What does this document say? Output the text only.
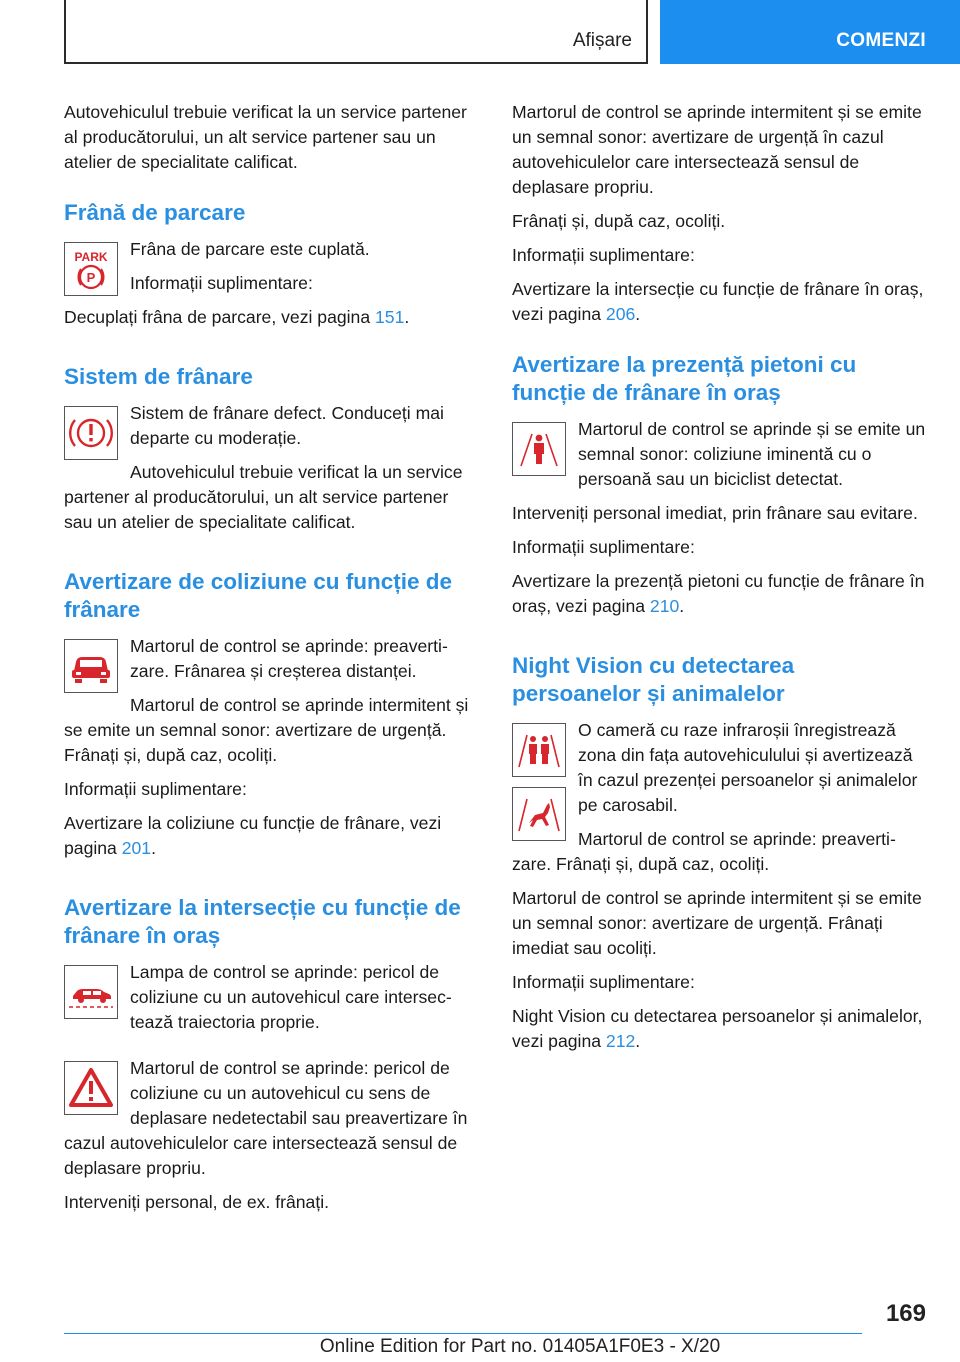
Afișare	COMENZI

Autovehiculul trebuie verificat la un service partener al producătorului, un alt service partener sau un atelier de specialitate calificat.

Frână de parcare
PARK
P

Frâna de parcare este cuplată.

Informații suplimentare:

Decuplați frâna de parcare, vezi pagina 151.

Sistem de frânare

Sistem de frânare defect. Conduceți mai departe cu moderație.

Autovehiculul trebuie verificat la un service partener al producătorului, un alt service partener sau un atelier de specialitate calificat.

Avertizare de coliziune cu funcție de frânare

Martorul de control se aprinde: preavertizare. Frânarea și creșterea distanței.

Martorul de control se aprinde intermitent și se emite un semnal sonor: avertizare de urgență. Frânați și, după caz, ocoliți.

Informații suplimentare:

Avertizare la coliziune cu funcție de frânare, vezi pagina 201.

Avertizare la intersecție cu funcție de frânare în oraș

Lampa de control se aprinde: pericol de coliziune cu un autovehicul care intersectează traiectoria proprie.

Martorul de control se aprinde: pericol de coliziune cu un autovehicul cu sens de deplasare nedetectabil sau preavertizare în cazul autovehiculelor care intersectează sensul de deplasare propriu.

Interveniți personal, de ex. frânați.

Martorul de control se aprinde intermitent și se emite un semnal sonor: avertizare de urgență în cazul autovehiculelor care intersectează sensul de deplasare propriu.

Frânați și, după caz, ocoliți.

Informații suplimentare:

Avertizare la intersecție cu funcție de frânare în oraș, vezi pagina 206.

Avertizare la prezență pietoni cu funcție de frânare în oraș

Martorul de control se aprinde și se emite un semnal sonor: coliziune iminentă cu o persoană sau un biciclist detectat.

Interveniți personal imediat, prin frânare sau evitare.

Informații suplimentare:

Avertizare la prezență pietoni cu funcție de frânare în oraș, vezi pagina 210.

Night Vision cu detectarea persoanelor și animalelor

O cameră cu raze infraroșii înregistrează zona din fața autovehiculului și avertizează în cazul prezenței persoanelor și animalelor pe carosabil.

Martorul de control se aprinde: preavertizare. Frânați și, după caz, ocoliți.

Martorul de control se aprinde intermitent și se emite un semnal sonor: avertizare de urgență. Frânați imediat sau ocoliți.

Informații suplimentare:

Night Vision cu detectarea persoanelor și animalelor, vezi pagina 212.

169
Online Edition for Part no. 01405A1F0E3 - X/20
